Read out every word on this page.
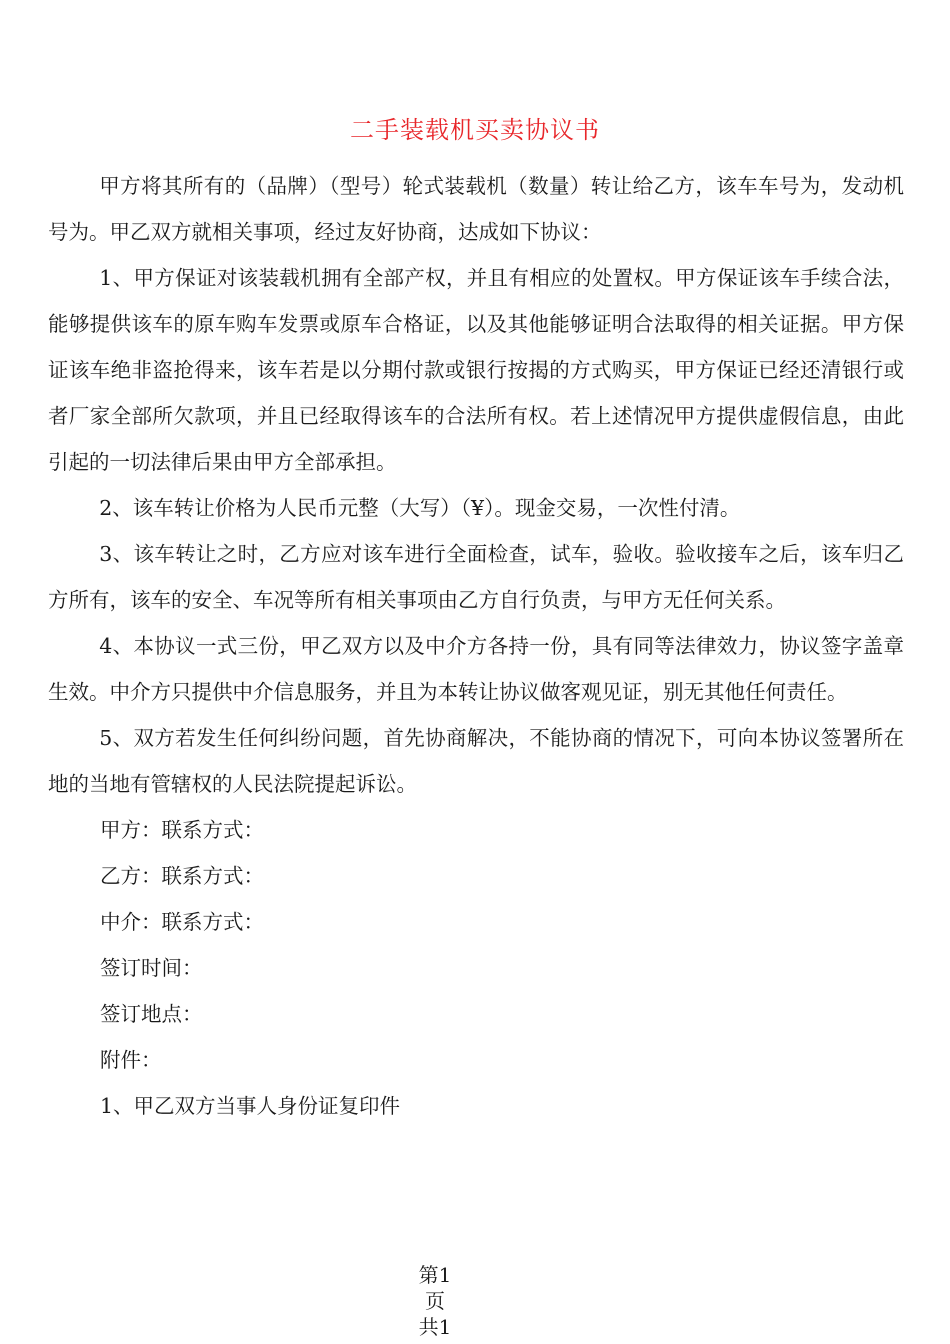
二手装载机买卖协议书

甲方将其所有的（品牌）（型号）轮式装载机（数量）转让给乙方，该车车号为，发动机号为。甲乙双方就相关事项，经过友好协商，达成如下协议：

1、甲方保证对该装载机拥有全部产权，并且有相应的处置权。甲方保证该车手续合法，能够提供该车的原车购车发票或原车合格证，以及其他能够证明合法取得的相关证据。甲方保证该车绝非盗抢得来，该车若是以分期付款或银行按揭的方式购买，甲方保证已经还清银行或者厂家全部所欠款项，并且已经取得该车的合法所有权。若上述情况甲方提供虚假信息，由此引起的一切法律后果由甲方全部承担。

2、该车转让价格为人民币元整（大写）（¥）。现金交易，一次性付清。

3、该车转让之时，乙方应对该车进行全面检查，试车，验收。验收接车之后，该车归乙方所有，该车的安全、车况等所有相关事项由乙方自行负责，与甲方无任何关系。

4、本协议一式三份，甲乙双方以及中介方各持一份，具有同等法律效力，协议签字盖章生效。中介方只提供中介信息服务，并且为本转让协议做客观见证，别无其他任何责任。

5、双方若发生任何纠纷问题，首先协商解决，不能协商的情况下，可向本协议签署所在地的当地有管辖权的人民法院提起诉讼。

甲方：联系方式：
乙方：联系方式：
中介：联系方式：
签订时间：
签订地点：
附件：
1、甲乙双方当事人身份证复印件
第1
页
共1
